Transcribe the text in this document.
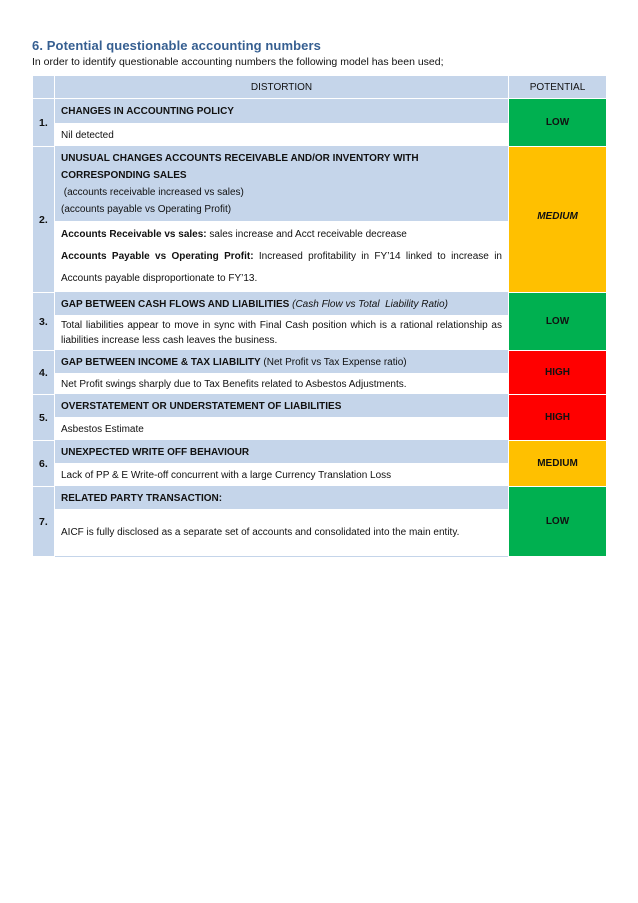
6. Potential questionable accounting numbers
In order to identify questionable accounting numbers the following model has been used;
	DISTORTION	POTENTIAL
1.	CHANGES IN ACCOUNTING POLICY	LOW
	Nil detected	
2.	UNUSUAL CHANGES ACCOUNTS RECEIVABLE AND/OR INVENTORY WITH
CORRESPONDING SALES
(accounts receivable increased vs sales)
(accounts payable vs Operating Profit)	MEDIUM

	Accounts Receivable vs sales: sales increase and Acct receivable decrease
Accounts Payable vs Operating Profit: Increased profitability in FY’14 linked to increase in Accounts payable disproportionate to FY’13.	

3.	GAP BETWEEN CASH FLOWS AND LIABILITIES (Cash Flow vs Total  Liability Ratio)	LOW
	Total liabilities appear to move in sync with Final Cash position which is a rational relationship as liabilities increase less cash leaves the business.	
4.	GAP BETWEEN INCOME & TAX LIABILITY (Net Profit vs Tax Expense ratio)	HIGH
	Net Profit swings sharply due to Tax Benefits related to Asbestos Adjustments.	
5.	OVERSTATEMENT OR UNDERSTATEMENT OF LIABILITIES	HIGH
	Asbestos Estimate	
6.	UNEXPECTED WRITE OFF BEHAVIOUR	MEDIUM
	Lack of PP & E Write-off concurrent with a large Currency Translation Loss	
7.	RELATED PARTY TRANSACTION:	LOW
	AICF is fully disclosed as a separate set of accounts and consolidated into the main entity.	
